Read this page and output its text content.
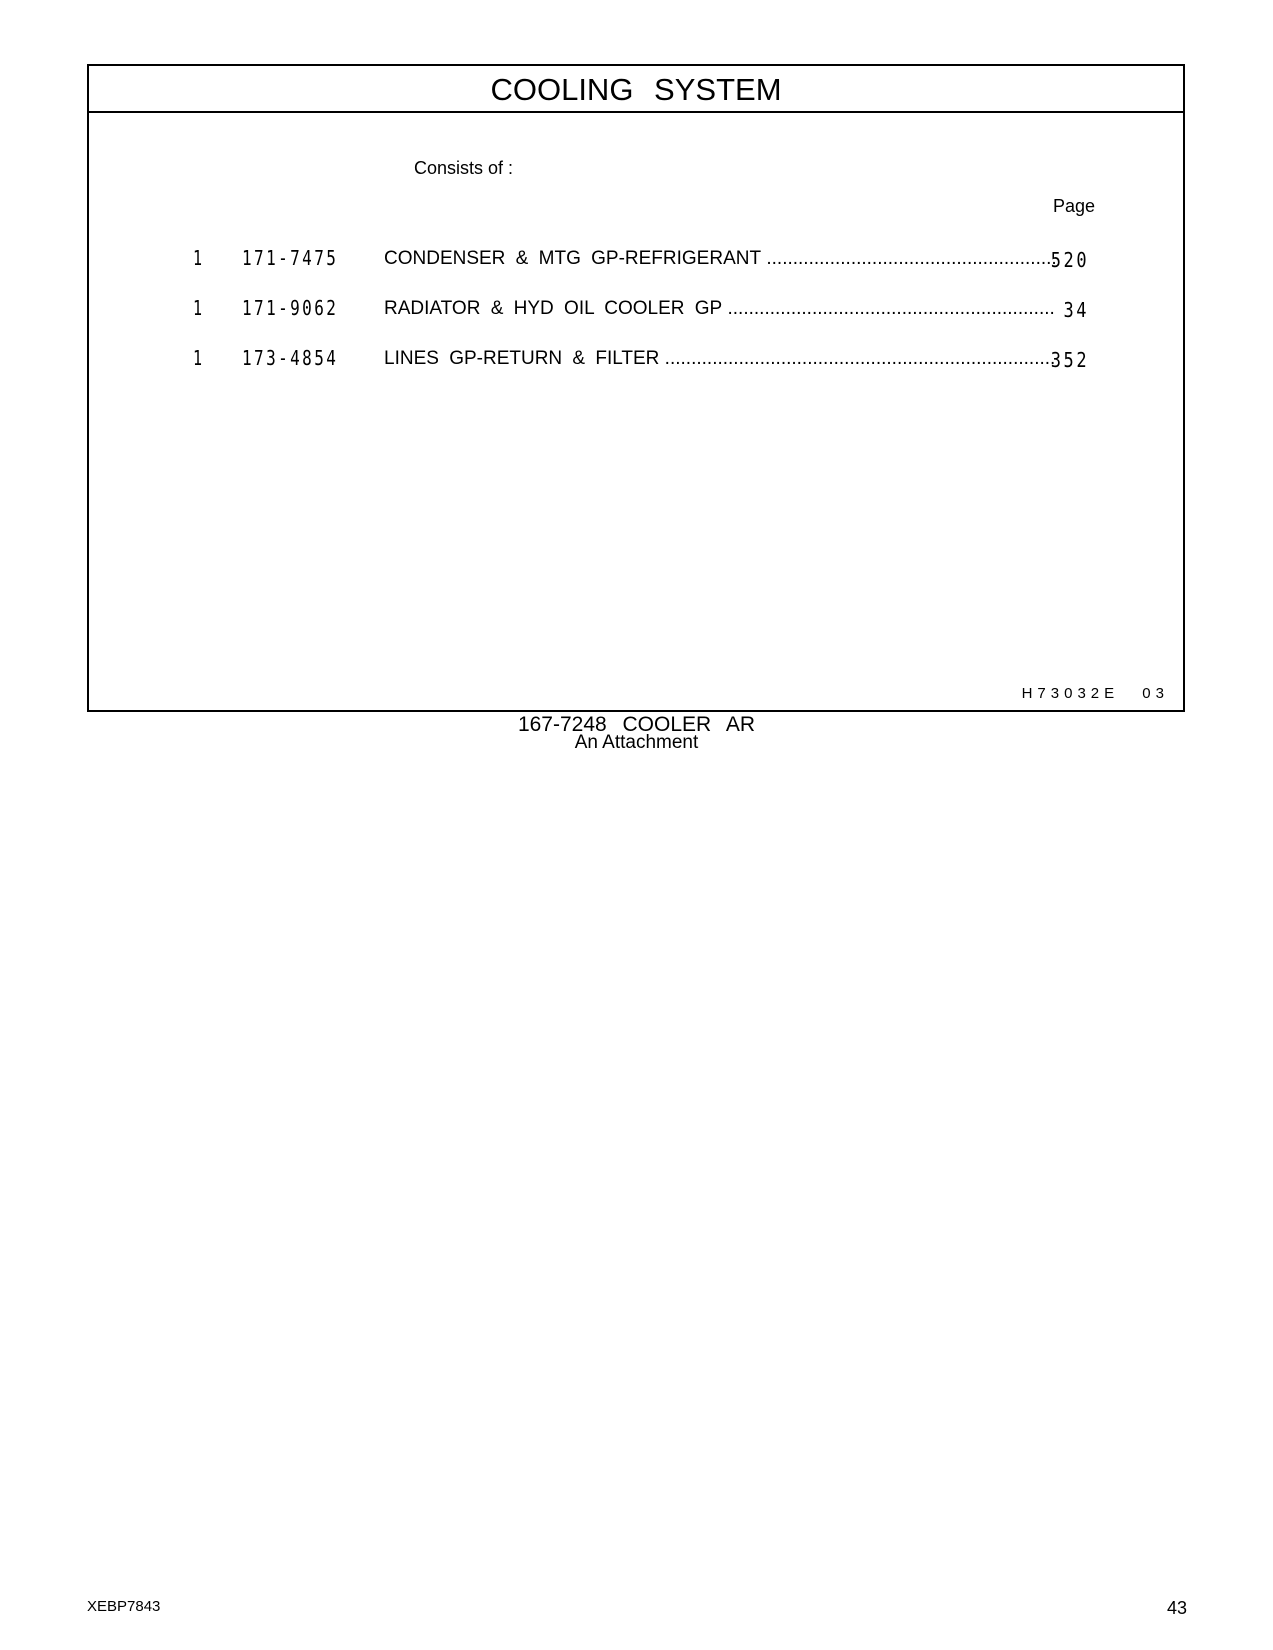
COOLING SYSTEM
Consists of :
Page
1 171-7475 CONDENSER & MTG GP-REFRIGERANT .....	520
1 171-9062 RADIATOR & HYD OIL COOLER GP .....	34
1 173-4854 LINES GP-RETURN & FILTER .....	352
H73032E 03
167-7248 COOLER AR
An Attachment
XEBP7843	43
